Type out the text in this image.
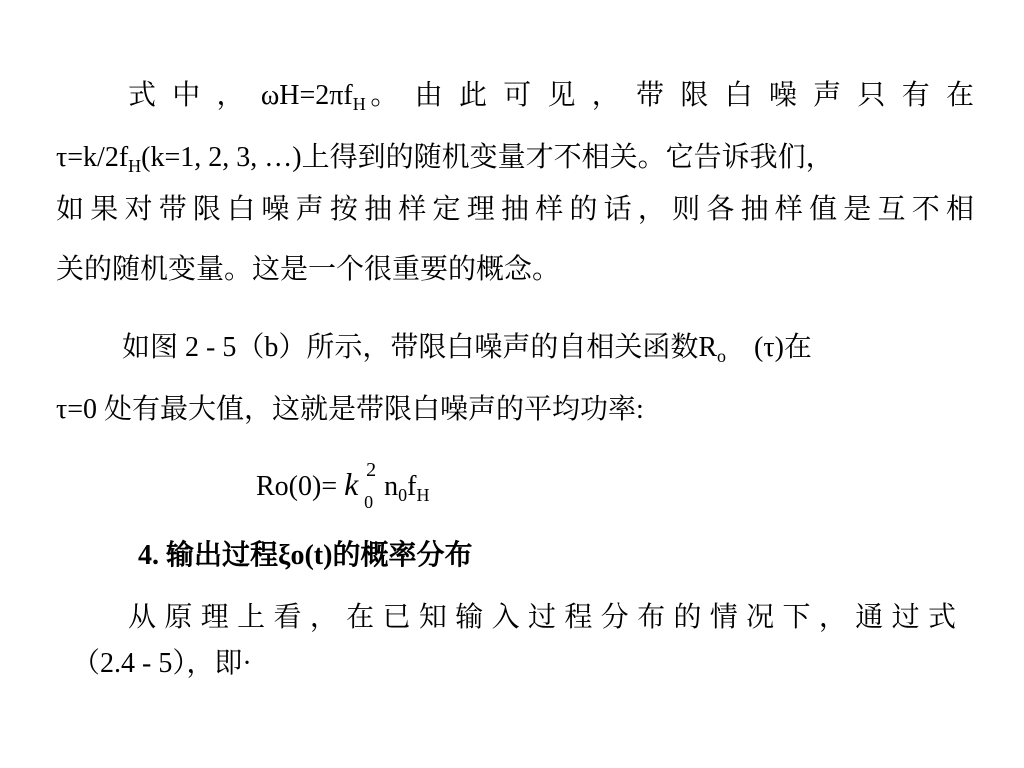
式 中 ， $\omega H=2\pi f_H$。 由 此 可 见 ， 带 限 白 噪 声 只 有 在
$\tau=k/2f_H(k=1$, 2, 3, …)上得到的随机变量才不相关。它告诉我们，
如果对带限白噪声按抽样定理抽样的话，则各抽样值是互不相
关的随机变量。这是一个很重要的概念。
如图 2 - 5（b）所示，带限白噪声的自相关函数$R_o$ (τ)在
τ=0 处有最大值，这就是带限白噪声的平均功率:
Ro(0)= k 2
0 $n_0f_H$
4. 输出过程ξo(t)的概率分布
从原理上看，在已知输入过程分布的情况下，通过式
（2.4 - 5），即·
